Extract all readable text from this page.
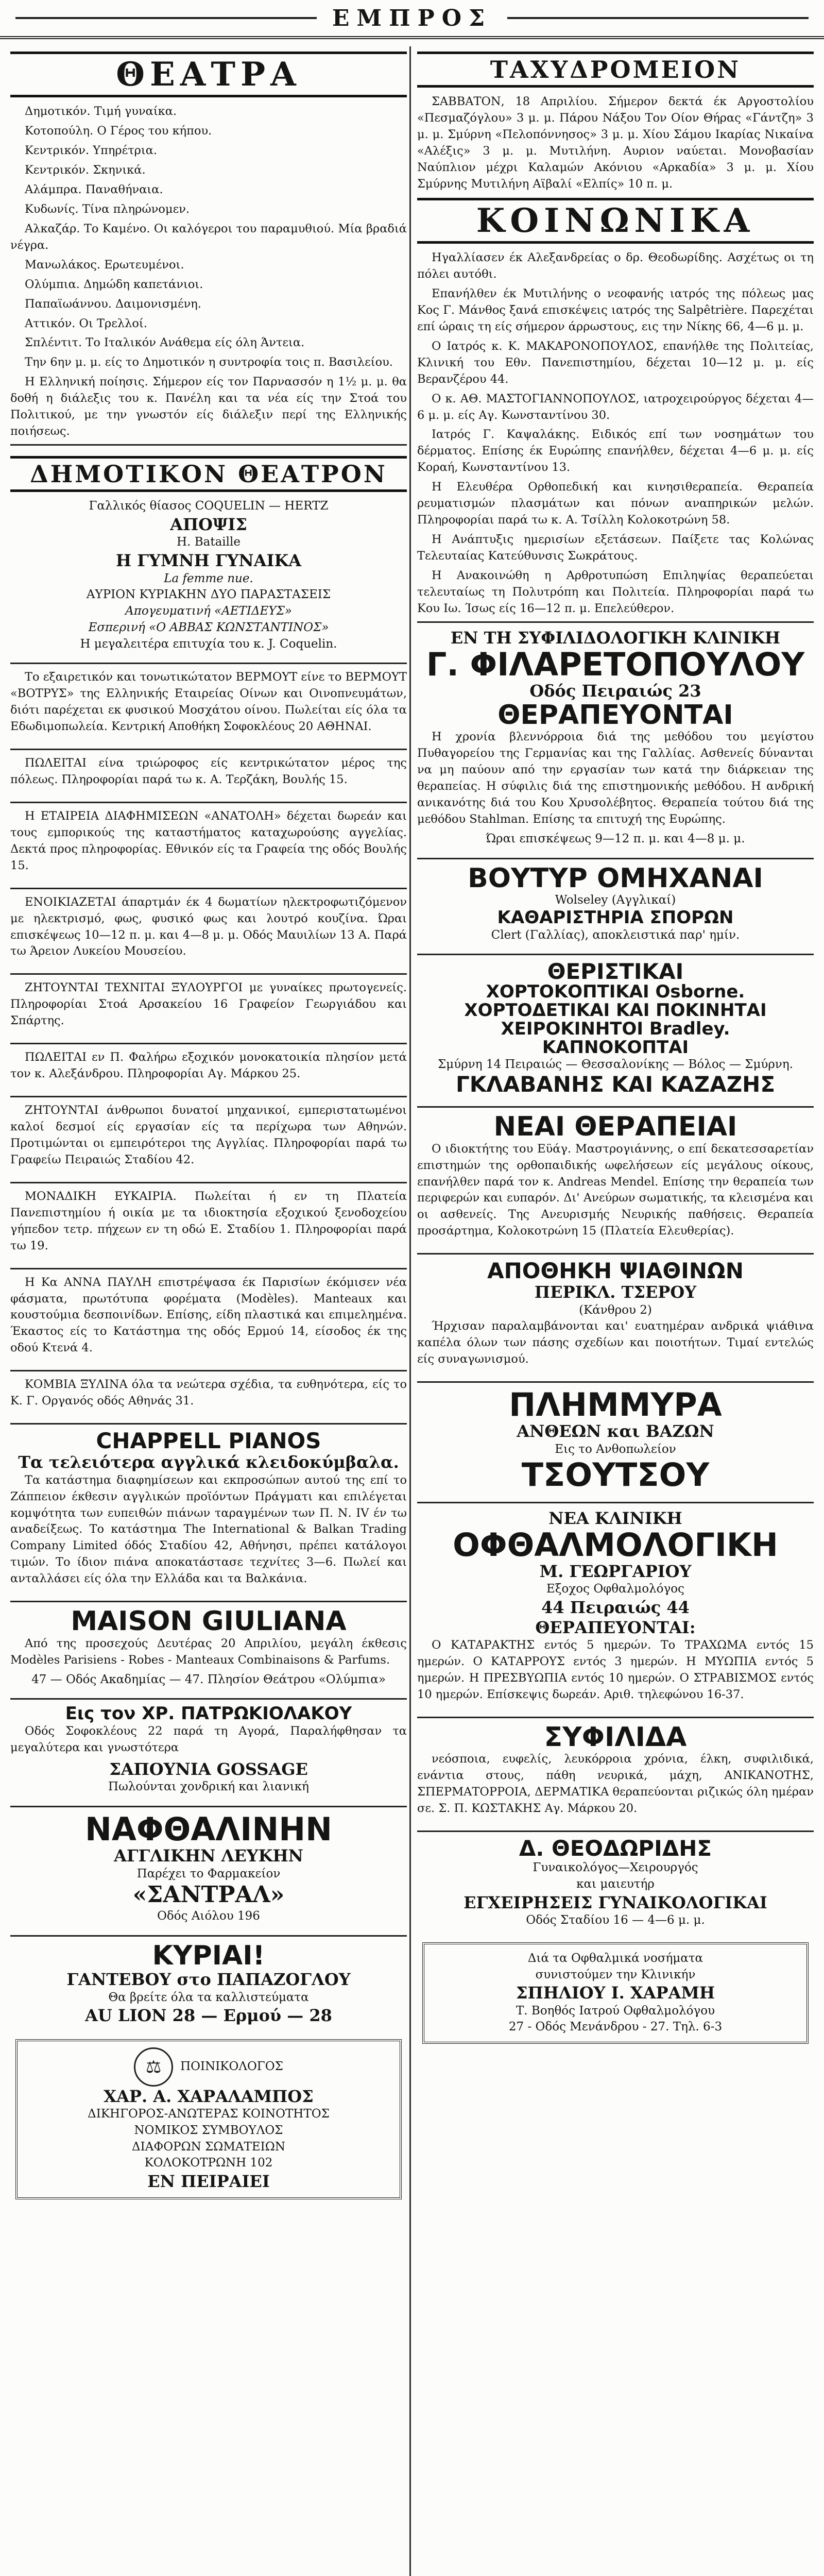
ΕΜΠΡΟΣ
ΘΕΑΤΡΑ

Δημοτικόν. Τιμή γυναίκα.

Κοτοπούλη. Ο Γέρος του κήπου.

Κεντρικόν. Υπηρέτρια.

Κεντρικόν. Σκηνικά.

Αλάμπρα. Παναθήναια.

Κυδωνίς. Τίνα πληρώνομεν.

Αλκαζάρ. Το Καμένο. Οι καλόγεροι του παραμυθιού. Μία βραδιά νέγρα.

Μανωλάκος. Ερωτευμένοι.

Ολύμπια. Δημώδη καπετάνιοι.

Παπαϊωάννου. Δαιμονισμένη.

Αττικόν. Οι Τρελλοί.

Σπλέντιτ. Το Ιταλικόν Ανάθεμα είς όλη Άντεια.

Την 6ην μ. μ. είς το Δημοτικόν η συντροφία τοις π. Βασιλείου.

Η Ελληνική ποίησις. Σήμερον είς τον Παρνασσόν η 1½ μ. μ. θα δοθή η διάλεξις του κ. Πανέλη και τα νέα είς την Στοά του Πολιτικού, με την γνωστόν είς διάλεξιν περί της Ελληνικής ποιήσεως.

ΔΗΜΟΤΙΚΟΝ ΘΕΑΤΡΟΝ

Γαλλικός θίασος COQUELIN — HERTZ

ΑΠΟΨΙΣ

H. Bataille

Η ΓΥΜΝΗ ΓΥΝΑΙΚΑ

La femme nue.

ΑΥΡΙΟΝ ΚΥΡΙΑΚΗΝ ΔΥΟ ΠΑΡΑΣΤΑΣΕΙΣ

Απογευματινή «ΑΕΤΙΔΕΥΣ»

Εσπερινή «Ο ΑΒΒΑΣ ΚΩΝΣΤΑΝΤΙΝΟΣ»

Η μεγαλειτέρα επιτυχία του κ. J. Coquelin.

Το εξαιρετικόν και τονωτικώτατον ΒΕΡΜΟΥΤ είνε το ΒΕΡΜΟΥΤ «ΒΟΤΡΥΣ» της Ελληνικής Εταιρείας Οίνων και Οινοπνευμάτων, διότι παρέχεται εκ φυσικού Μοσχάτου οίνου. Πωλείται είς όλα τα Εδωδιμοπωλεία. Κεντρική Αποθήκη Σοφοκλέους 20 ΑΘΗΝΑΙ.

ΠΩΛΕΙΤΑΙ είνα τριώροφος είς κεντρικώτατον μέρος της πόλεως. Πληροφορίαι παρά τω κ. Α. Τερζάκη, Βουλής 15.

Η ΕΤΑΙΡΕΙΑ ΔΙΑΦΗΜΙΣΕΩΝ «ΑΝΑΤΟΛΗ» δέχεται δωρεάν και τους εμπορικούς της καταστήματος καταχωρούσης αγγελίας. Δεκτά προς πληροφορίας. Εθνικόν είς τα Γραφεία της οδός Βουλής 15.

ΕΝΟΙΚΙΑΖΕΤΑΙ άπαρτμάν έκ 4 δωματίων ηλεκτροφωτιζόμενον με ηλεκτρισμό, φως, φυσικό φως και λουτρό κουζίνα. Ώραι επισκέψεως 10—12 π. μ. και 4—8 μ. μ. Οδός Μαυιλίων 13 Α. Παρά τω Άρειον Λυκείου Μουσείου.

ΖΗΤΟΥΝΤΑΙ ΤΕΧΝΙΤΑΙ ΞΥΛΟΥΡΓΟΙ με γυναίκες πρωτογενείς. Πληροφορίαι Στοά Αρσακείου 16 Γραφείον Γεωργιάδου και Σπάρτης.

ΠΩΛΕΙΤΑΙ εν Π. Φαλήρω εξοχικόν μονοκατοικία πλησίον μετά τον κ. Αλεξάνδρου. Πληροφορίαι Αγ. Μάρκου 25.

ΖΗΤΟΥΝΤΑΙ άνθρωποι δυνατοί μηχανικοί, εμπεριστατωμένοι καλοί δεσμοί είς εργασίαν είς τα περίχωρα των Αθηνών. Προτιμώνται οι εμπειρότεροι της Αγγλίας. Πληροφορίαι παρά τω Γραφείω Πειραιώς Σταδίου 42.

ΜΟΝΑΔΙΚΗ ΕΥΚΑΙΡΙΑ. Πωλείται ή εν τη Πλατεία Πανεπιστημίου ή οικία με τα ιδιοκτησία εξοχικού ξενοδοχείου γήπεδον τετρ. πήχεων εν τη οδώ Ε. Σταδίου 1. Πληροφορίαι παρά τω 19.

Η Κα ΑΝΝΑ ΠΑΥΛΗ επιστρέψασα έκ Παρισίων έκόμισεν νέα φάσματα, πρωτότυπα φορέματα (Modèles). Manteaux και κουστούμια δεσποινίδων. Επίσης, είδη πλαστικά και επιμελημένα. Έκαστος είς το Κατάστημα της οδός Ερμού 14, είσοδος έκ της οδού Κτενά 4.

ΚΟΜΒΙΑ ΞΥΛΙΝΑ όλα τα νεώτερα σχέδια, τα ευθηνότερα, είς το Κ. Γ. Οργανός οδός Αθηνάς 31.

CHAPPELL PIANOS

Τα τελειότερα αγγλικά κλειδοκύμβαλα.

Τα κατάστημα διαφημίσεων και εκπροσώπων αυτού της επί το Ζάππειον έκθεσιν αγγλικών προϊόντων Πράγματι και επιλέγεται κομψότητα των ευπειθών πιάνων ταραγμένων των Π. Ν. IV έν τω αναδείξεως. Το κατάστημα The International & Balkan Trading Company Limited όδός Σταδίου 42, Αθήνησι, πρέπει κατάλογοι τιμών. Το ίδιον πιάνα αποκατάστασε τεχνίτες 3—6. Πωλεί και ανταλλάσει είς όλα την Ελλάδα και τα Βαλκάνια.

MAISON GIULIANA

Από της προσεχούς Δευτέρας 20 Απριλίου, μεγάλη έκθεσις Modèles Parisiens - Robes - Manteaux Combinaisons & Parfums.

47 — Οδός Ακαδημίας — 47. Πλησίον Θεάτρου «Ολύμπια»

Εις τον ΧΡ. ΠΑΤΡΩΚΙΟΛΑΚΟΥ

Οδός Σοφοκλέους 22 παρά τη Αγορά, Παραλήφθησαν τα μεγαλύτερα και γνωστότερα

ΣΑΠΟΥΝΙΑ GOSSAGE

Πωλούνται χονδρική και λιανική

ΝΑΦΘΑΛΙΝΗΝ

ΑΓΓΛΙΚΗΝ ΛΕΥΚΗΝ

Παρέχει το Φαρμακείον

«ΣΑΝΤΡΑΛ»

Οδός Αιόλου 196

ΚΥΡΙΑΙ!

ΓΑΝΤΕΒΟΥ στο ΠΑΠΑΖΟΓΛΟΥ

Θα βρείτε όλα τα καλλιστεύματα

AU LION 28 — Ερμού — 28

⚖ ΠΟΙΝΙΚΟΛΟΓΟΣ

ΧΑΡ. Α. ΧΑΡΑΛΑΜΠΟΣ

ΔΙΚΗΓΟΡΟΣ-ΑΝΩΤΕΡΑΣ ΚΟΙΝΟΤΗΤΟΣ

ΝΟΜΙΚΟΣ ΣΥΜΒΟΥΛΟΣ

ΔΙΑΦΟΡΩΝ ΣΩΜΑΤΕΙΩΝ

ΚΟΛΟΚΟΤΡΩΝΗ 102

ΕΝ ΠΕΙΡΑΙΕΙ

ΤΑΧΥΔΡΟΜΕΙΟΝ

ΣΑΒΒΑΤΟΝ, 18 Απριλίου. Σήμερον δεκτά έκ Αργοστολίου «Πεσμαζόγλου» 3 μ. μ. Πάρου Νάξου Τον Οίον Θήρας «Γάντζη» 3 μ. μ. Σμύρνη «Πελοπόννησος» 3 μ. μ. Χίου Σάμου Ικαρίας Νικαίνα «Αλέξις» 3 μ. μ. Μυτιλήνη. Αυριον ναύεται. Μονοβασίαν Ναύπλιον μέχρι Καλαμών Ακόνιου «Αρκαδία» 3 μ. μ. Χίου Σμύρνης Μυτιλήνη Αϊβαλί «Ελπίς» 10 π. μ.

ΚΟΙΝΩΝΙΚΑ

Ηγαλλίασεν έκ Αλεξανδρείας ο δρ. Θεοδωρίδης. Ασχέτως οι τη πόλει αυτόθι.

Επανήλθεν έκ Μυτιλήνης ο νεοφανής ιατρός της πόλεως μας Κος Γ. Μάνθος ξανά επισκέψεις ιατρός της Salpêtrière. Παρεχέται επί ώραις τη είς σήμερον άρρωστους, εις την Νίκης 66, 4—6 μ. μ.

Ο Ιατρός κ. Κ. ΜΑΚΑΡΟΝΟΠΟΥΛΟΣ, επανήλθε της Πολιτείας, Κλινική του Εθν. Πανεπιστημίου, δέχεται 10—12 μ. μ. είς Βερανζέρου 44.

Ο κ. ΑΘ. ΜΑΣΤΟΓΙΑΝΝΟΠΟΥΛΟΣ, ιατροχειρούργος δέχεται 4—6 μ. μ. είς Αγ. Κωνσταντίνου 30.

Ιατρός Γ. Καψαλάκης. Ειδικός επί των νοσημάτων του δέρματος. Επίσης έκ Ευρώπης επανήλθεν, δέχεται 4—6 μ. μ. είς Κοραή, Κωνσταντίνου 13.

Η Ελευθέρα Ορθοπεδική και κινησιθεραπεία. Θεραπεία ρευματισμών πλασμάτων και πόνων αναπηρικών μελών. Πληροφορίαι παρά τω κ. Α. Τσίλλη Κολοκοτρώνη 58.

Η Ανάπτυξις ημερισίων εξετάσεων. Παίξετε τας Κολώνας Τελευταίας Κατεύθυνσις Σωκράτους.

Η Ανακοινώθη η Αρθροτυπώση Επιληψίας θεραπεύεται τελευταίως τη Πολυτρόπη και Πολιτεία. Πληροφορίαι παρά τω Κου Ιω. Ίσως είς 16—12 π. μ. Επελεύθερον.

ΕΝ ΤΗ ΣΥΦΙΛΙΔΟΛΟΓΙΚΗ ΚΛΙΝΙΚΗ

Γ. ΦΙΛΑΡΕΤΟΠΟΥΛΟΥ

Οδός Πειραιώς 23

ΘΕΡΑΠΕΥΟΝΤΑΙ

Η χρονία βλεννόρροια διά της μεθόδου του μεγίστου Πυθαγορείου της Γερμανίας και της Γαλλίας. Ασθενείς δύνανται να μη παύουν από την εργασίαν των κατά την διάρκειαν της θεραπείας. Η σύφιλις διά της επιστημονικής μεθόδου. Η ανδρική ανικανότης διά του Κου Χρυσολέβητος. Θεραπεία τούτου διά της μεθόδου Stahlman. Επίσης τα επιτυχή της Ευρώπης.

Ώραι επισκέψεως 9—12 π. μ. και 4—8 μ. μ.

ΒΟΥΤΥΡ ΟΜΗΧΑΝΑΙ

Wolseley (Αγγλικαί)

ΚΑΘΑΡΙΣΤΗΡΙΑ ΣΠΟΡΩΝ

Clert (Γαλλίας), αποκλειστικά παρ' ημίν.

ΘΕΡΙΣΤΙΚΑΙ
ΧΟΡΤΟΚΟΠΤΙΚΑΙ Osborne.
ΧΟΡΤΟΔΕΤΙΚΑΙ ΚΑΙ ΠΟΚΙΝΗΤΑΙ ΧΕΙΡΟΚΙΝΗΤΟΙ Bradley.
ΚΑΠΝΟΚΟΠΤΑΙ

Σμύρνη 14 Πειραιώς — Θεσσαλονίκης — Βόλος — Σμύρνη.

ΓΚΛΑΒΑΝΗΣ ΚΑΙ ΚΑΖΑΖΗΣ
ΝΕΑΙ ΘΕΡΑΠΕΙΑΙ

Ο ιδιοκτήτης του Εϋάγ. Μαστρογιάννης, ο επί δεκατεσσαρετίαν επιστημών της ορθοπαιδικής ωφελήσεων είς μεγάλους οίκους, επανήλθεν παρά τον κ. Andreas Mendel. Επίσης την θεραπεία των περιφερών και ευπαρόν. Δι' Ανεύρων σωματικής, τα κλεισμένα και οι ασθενείς. Της Ανευρισμής Νευρικής παθήσεις. Θεραπεία προσάρτημα, Κολοκοτρώνη 15 (Πλατεία Ελευθερίας).

ΑΠΟΘΗΚΗ ΨΙΑΘΙΝΩΝ

ΠΕΡΙΚΛ. ΤΣΕΡΟΥ

(Κάνθρου 2)

Ήρχισαν παραλαμβάνονται και' ευατημέραν ανδρικά ψιάθινα καπέλα όλων των πάσης σχεδίων και ποιοτήτων. Τιμαί εντελώς είς συναγωνισμού.

ΠΛΗΜΜΥΡΑ

ΑΝΘΕΩΝ και ΒΑΖΩΝ

Εις το Ανθοπωλείον

ΤΣΟΥΤΣΟΥ

ΝΕΑ ΚΛΙΝΙΚΗ

ΟΦΘΑΛΜΟΛΟΓΙΚΗ

Μ. ΓΕΩΡΓΑΡΙΟΥ

Εξοχος Οφθαλμολόγος

44 Πειραιώς 44

ΘΕΡΑΠΕΥΟΝΤΑΙ:

Ο ΚΑΤΑΡΑΚΤΗΣ εντός 5 ημερών. Το ΤΡΑΧΩΜΑ εντός 15 ημερών. Ο ΚΑΤΑΡΡΟΥΣ εντός 3 ημερών. Η ΜΥΩΠΙΑ εντός 5 ημερών. Η ΠΡΕΣΒΥΩΠΙΑ εντός 10 ημερών. Ο ΣΤΡΑΒΙΣΜΟΣ εντός 10 ημερών. Επίσκεψις δωρεάν. Αριθ. τηλεφώνου 16-37.

ΣΥΦΙΛΙΔΑ

νεόσποια, ευφελίς, λευκόρροια χρόνια, έλκη, συφιλιδικά, ενάντια στους, πάθη νευρικά, μάχη, ΑΝΙΚΑΝΟΤΗΣ, ΣΠΕΡΜΑΤΟΡΡΟΙΑ, ΔΕΡΜΑΤΙΚΑ θεραπεύονται ριζικώς όλη ημέραν σε. Σ. Π. ΚΩΣΤΑΚΗΣ Αγ. Μάρκου 20.

Δ. ΘΕΟΔΩΡΙΔΗΣ

Γυναικολόγος—Χειρουργός

και μαιευτήρ

ΕΓΧΕΙΡΗΣΕΙΣ ΓΥΝΑΙΚΟΛΟΓΙΚΑΙ

Οδός Σταδίου 16 — 4—6 μ. μ.

Διά τα Οφθαλμικά νοσήματα

συνιστούμεν την Κλινικήν

ΣΠΗΛΙΟΥ Ι. ΧΑΡΑΜΗ

Τ. Βοηθός Ιατρού Οφθαλμολόγου

27 - Οδός Μενάνδρου - 27. Τηλ. 6-3
